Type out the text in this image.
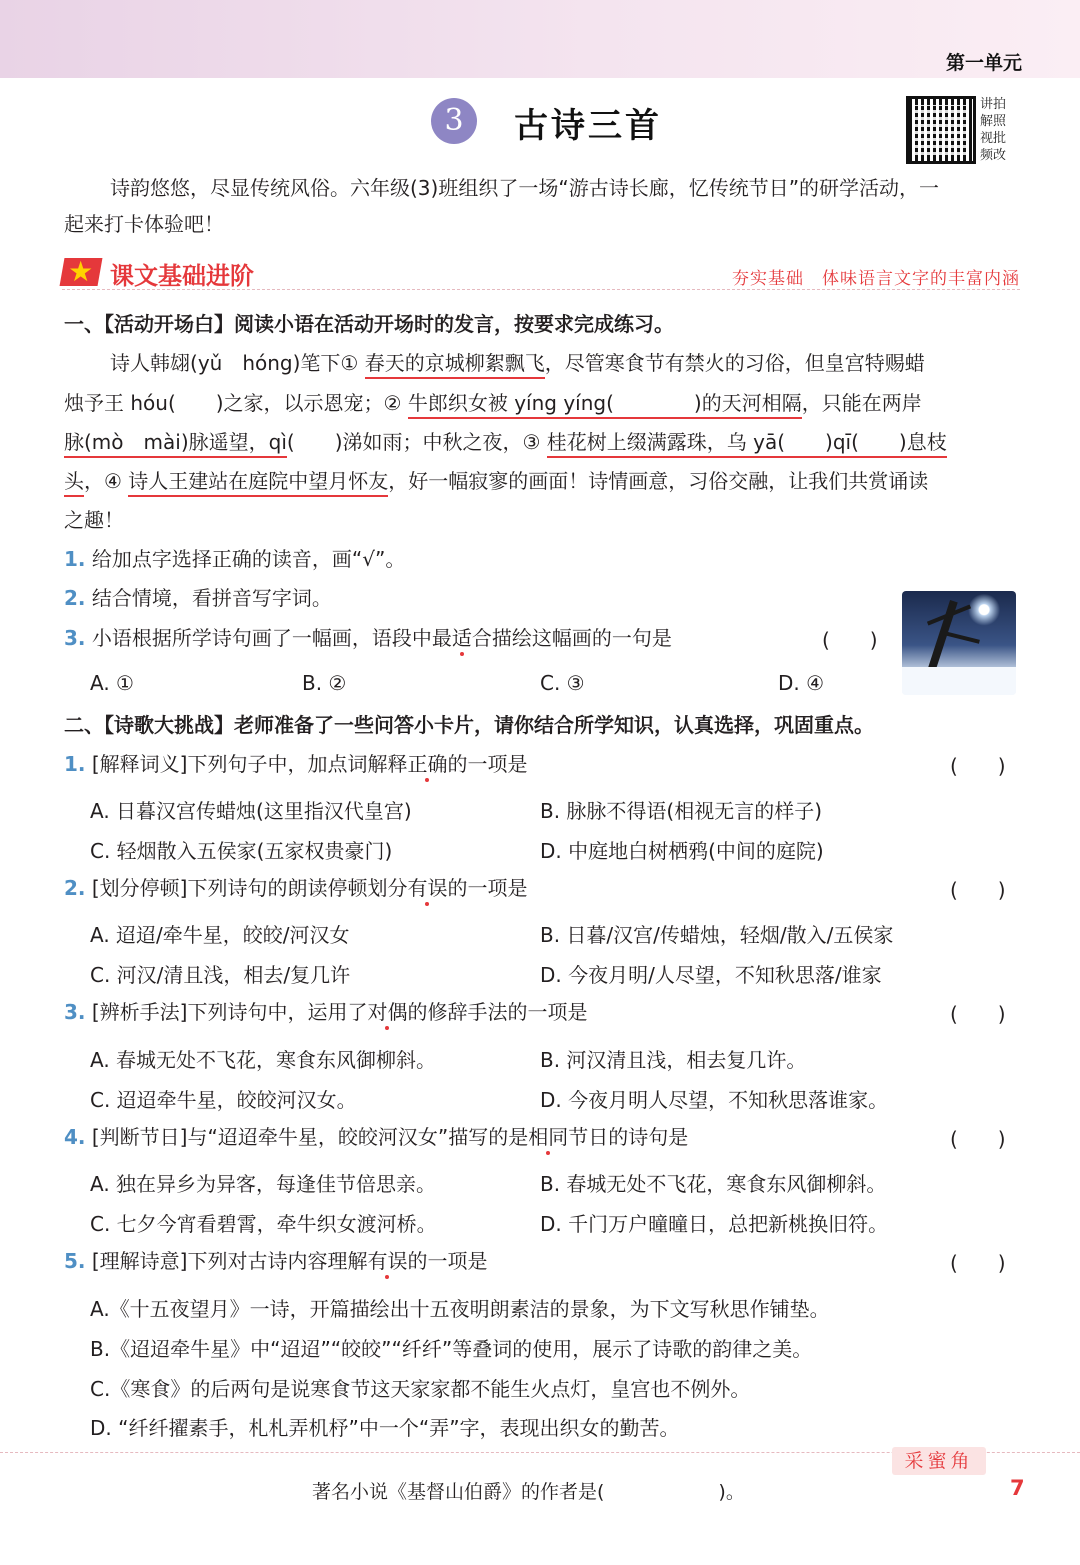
第一单元
3	古诗三首
讲拍
解照
视批
频改
诗韵悠悠，尽显传统风俗。六年级(3)班组织了一场“游古诗长廊，忆传统节日”的研学活动，一
起来打卡体验吧！
★ 课文基础进阶	夯实基础　体味语言文字的丰富内涵
一、【活动开场白】阅读小语在活动开场时的发言，按要求完成练习。
诗人韩翃(yǔ　hóng)笔下① 春天的京城柳絮飘飞，尽管寒食节有禁火的习俗，但皇宫特赐蜡
烛予王 hóu(　　)之家，以示恩宠；② 牛郎织女被 yíng yíng(　　　　)的天河相隔，只能在两岸
脉(mò　mài)脉遥望，qì(　　)涕如雨；中秋之夜，③ 桂花树上缀满露珠，乌 yā(　　)qī(　　)息枝
头，④ 诗人王建站在庭院中望月怀友，好一幅寂寥的画面！诗情画意，习俗交融，让我们共赏诵读
之趣！
1. 给加点字选择正确的读音，画“√”。
2. 结合情境，看拼音写字词。
3. 小语根据所学诗句画了一幅画，语段中最适合描绘这幅画的一句是	(　　)
A. ①	B. ②	C. ③	D. ④
二、【诗歌大挑战】老师准备了一些问答小卡片，请你结合所学知识，认真选择，巩固重点。
1. [解释词义]下列句子中，加点词解释正确的一项是	(　　)
A. 日暮汉宫传蜡烛(这里指汉代皇宫)	B. 脉脉不得语(相视无言的样子)
C. 轻烟散入五侯家(五家权贵豪门)	D. 中庭地白树栖鸦(中间的庭院)
2. [划分停顿]下列诗句的朗读停顿划分有误的一项是	(　　)
A. 迢迢/牵牛星，皎皎/河汉女	B. 日暮/汉宫/传蜡烛，轻烟/散入/五侯家
C. 河汉/清且浅，相去/复几许	D. 今夜月明/人尽望，不知秋思落/谁家
3. [辨析手法]下列诗句中，运用了对偶的修辞手法的一项是	(　　)
A. 春城无处不飞花，寒食东风御柳斜。	B. 河汉清且浅，相去复几许。
C. 迢迢牵牛星，皎皎河汉女。	D. 今夜月明人尽望，不知秋思落谁家。
4. [判断节日]与“迢迢牵牛星，皎皎河汉女”描写的是相同节日的诗句是	(　　)
A. 独在异乡为异客，每逢佳节倍思亲。	B. 春城无处不飞花，寒食东风御柳斜。
C. 七夕今宵看碧霄，牵牛织女渡河桥。	D. 千门万户曈曈日，总把新桃换旧符。
5. [理解诗意]下列对古诗内容理解有误的一项是	(　　)
A.《十五夜望月》一诗，开篇描绘出十五夜明朗素洁的景象，为下文写秋思作铺垫。
B.《迢迢牵牛星》中“迢迢”“皎皎”“纤纤”等叠词的使用，展示了诗歌的韵律之美。
C.《寒食》的后两句是说寒食节这天家家都不能生火点灯，皇宫也不例外。
D. “纤纤擢素手，札札弄机杼”中一个“弄”字，表现出织女的勤苦。
采蜜角
著名小说《基督山伯爵》的作者是(　　　　　　)。	7
